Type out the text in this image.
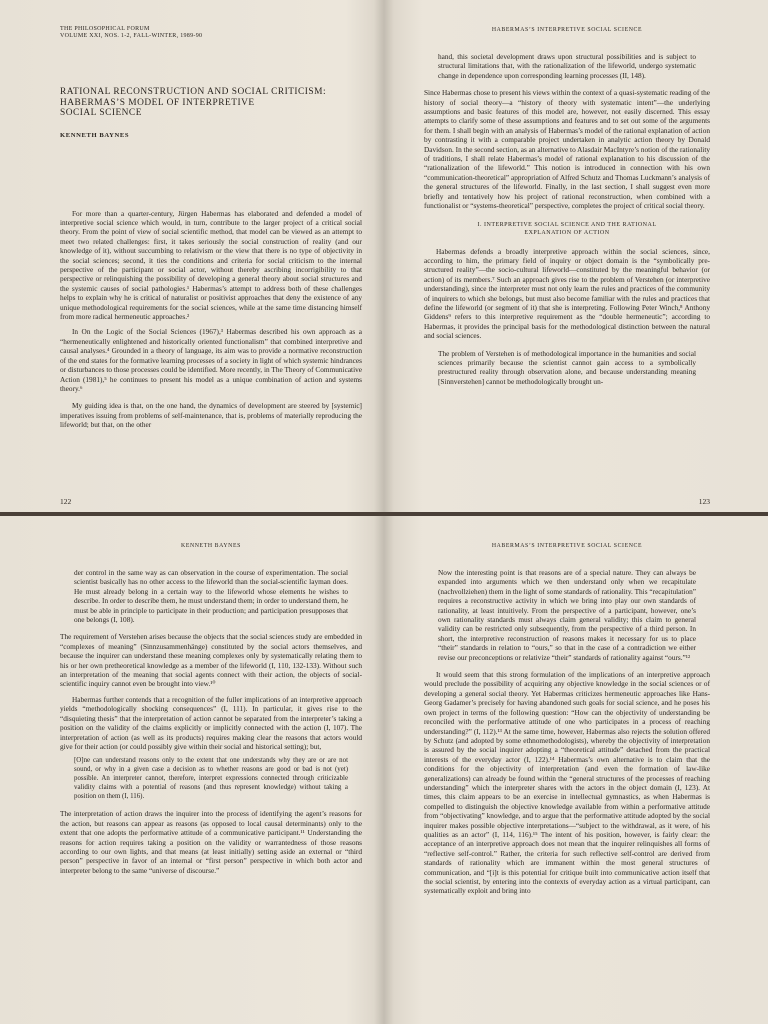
THE PHILOSOPHICAL FORUM
VOLUME XXI, NOS. 1-2, FALL-WINTER, 1989-90
RATIONAL RECONSTRUCTION AND SOCIAL CRITICISM:
HABERMAS’S MODEL OF INTERPRETIVE
SOCIAL SCIENCE
KENNETH BAYNES

For more than a quarter-century, Jürgen Habermas has elaborated and defended a model of interpretive social science which would, in turn, contribute to the larger project of a critical social theory. From the point of view of social scientific method, that model can be viewed as an attempt to meet two related challenges: first, it takes seriously the social construction of reality (and our knowledge of it), without succumbing to relativism or the view that there is no type of objectivity in the social sciences; second, it ties the conditions and criteria for social criticism to the internal perspective of the participant or social actor, without thereby ascribing incorrigibility to that perspective or relinquishing the possibility of developing a general theory about social structures and the systemic causes of social pathologies.¹ Habermas’s attempt to address both of these challenges helps to explain why he is critical of naturalist or positivist approaches that deny the existence of any unique methodological requirements for the social sciences, while at the same time distancing himself from more radical hermeneutic approaches.²

In On the Logic of the Social Sciences (1967),³ Habermas described his own approach as a “hermeneutically enlightened and historically oriented functionalism” that combined interpretive and causal analyses.⁴ Grounded in a theory of language, its aim was to provide a normative reconstruction of the end states for the formative learning processes of a society in light of which systemic hindrances or disturbances to those processes could be identified. More recently, in The Theory of Communicative Action (1981),⁵ he continues to present his model as a unique combination of action and systems theory.⁶

My guiding idea is that, on the one hand, the dynamics of development are steered by [systemic] imperatives issuing from problems of self-maintenance, that is, problems of materially reproducing the lifeworld; but that, on the other

122
HABERMAS’S INTERPRETIVE SOCIAL SCIENCE

hand, this societal development draws upon structural possibilities and is subject to structural limitations that, with the rationalization of the lifeworld, undergo systematic change in dependence upon corresponding learning processes (II, 148).

Since Habermas chose to present his views within the context of a quasi-systematic reading of the history of social theory—a “history of theory with systematic intent”—the underlying assumptions and basic features of this model are, however, not easily discerned. This essay attempts to clarify some of these assumptions and features and to set out some of the arguments for them. I shall begin with an analysis of Habermas’s model of the rational explanation of action by contrasting it with a comparable project undertaken in analytic action theory by Donald Davidson. In the second section, as an alternative to Alasdair MacIntyre’s notion of the rationality of traditions, I shall relate Habermas’s model of rational explanation to his discussion of the “rationalization of the lifeworld.” This notion is introduced in connection with his own “communication-theoretical” appropriation of Alfred Schutz and Thomas Luckmann’s analysis of the general structures of the lifeworld. Finally, in the last section, I shall suggest even more briefly and tentatively how his project of rational reconstruction, when combined with a functionalist or “systems-theoretical” perspective, completes the project of critical social theory.

I. INTERPRETIVE SOCIAL SCIENCE AND THE RATIONAL
EXPLANATION OF ACTION

Habermas defends a broadly interpretive approach within the social sciences, since, according to him, the primary field of inquiry or object domain is the “symbolically pre-structured reality”—the socio-cultural lifeworld—constituted by the meaningful behavior (or action) of its members.⁷ Such an approach gives rise to the problem of Verstehen (or interpretive understanding), since the interpreter must not only learn the rules and practices of the community of inquirers to which she belongs, but must also become familiar with the rules and practices that define the lifeworld (or segment of it) that she is interpreting. Following Peter Winch,⁸ Anthony Giddens⁹ refers to this interpretive requirement as the “double hermeneutic”; according to Habermas, it provides the principal basis for the methodological distinction between the natural and social sciences.

The problem of Verstehen is of methodological importance in the humanities and social sciences primarily because the scientist cannot gain access to a symbolically prestructured reality through observation alone, and because understanding meaning [Sinnverstehen] cannot be methodologically brought un-

123
KENNETH BAYNES

der control in the same way as can observation in the course of experimentation. The social scientist basically has no other access to the lifeworld than the social-scientific layman does. He must already belong in a certain way to the lifeworld whose elements he wishes to describe. In order to describe them, he must understand them; in order to understand them, he must be able in principle to participate in their production; and participation presupposes that one belongs (I, 108).

The requirement of Verstehen arises because the objects that the social sciences study are embedded in “complexes of meaning” (Sinnzusammenhänge) constituted by the social actors themselves, and because the inquirer can understand these meaning complexes only by systematically relating them to his or her own pretheoretical knowledge as a member of the lifeworld (I, 110, 132-133). Without such an interpretation of the meaning that social agents connect with their action, the objects of social-scientific inquiry cannot even be brought into view.¹⁰

Habermas further contends that a recognition of the fuller implications of an interpretive approach yields “methodologically shocking consequences” (I, 111). In particular, it gives rise to the “disquieting thesis” that the interpretation of action cannot be separated from the interpreter’s taking a position on the validity of the claims explicitly or implicitly connected with the action (I, 107). The interpretation of action (as well as its products) requires making clear the reasons that actors would give for their action (or could possibly give within their social and historical setting); but,

[O]ne can understand reasons only to the extent that one understands why they are or are not sound, or why in a given case a decision as to whether reasons are good or bad is not (yet) possible. An interpreter cannot, therefore, interpret expressions connected through criticizable validity claims with a potential of reasons (and thus represent knowledge) without taking a position on them (I, 116).

The interpretation of action draws the inquirer into the process of identifying the agent’s reasons for the action, but reasons can appear as reasons (as opposed to local causal determinants) only to the extent that one adopts the performative attitude of a communicative participant.¹¹ Understanding the reasons for action requires taking a position on the validity or warrantedness of those reasons according to our own lights, and that means (at least initially) setting aside an external or “third person” perspective in favor of an internal or “first person” perspective in which both actor and interpreter belong to the same “universe of discourse.”

HABERMAS’S INTERPRETIVE SOCIAL SCIENCE

Now the interesting point is that reasons are of a special nature. They can always be expanded into arguments which we then understand only when we recapitulate (nachvollziehen) them in the light of some standards of rationality. This “recapitulation” requires a reconstructive activity in which we bring into play our own standards of rationality, at least intuitively. From the perspective of a participant, however, one’s own rationality standards must always claim general validity; this claim to general validity can be restricted only subsequently, from the perspective of a third person. In short, the interpretive reconstruction of reasons makes it necessary for us to place “their” standards in relation to “ours,” so that in the case of a contradiction we either revise our preconceptions or relativize “their” standards of rationality against “ours.”¹²

It would seem that this strong formulation of the implications of an interpretive approach would preclude the possibility of acquiring any objective knowledge in the social sciences or of developing a general social theory. Yet Habermas criticizes hermeneutic approaches like Hans-Georg Gadamer’s precisely for having abandoned such goals for social science, and he poses his own project in terms of the following question: “How can the objectivity of understanding be reconciled with the performative attitude of one who participates in a process of reaching understanding?” (I, 112).¹³ At the same time, however, Habermas also rejects the solution offered by Schutz (and adopted by some ethnomethodologists), whereby the objectivity of interpretation is assured by the social inquirer adopting a “theoretical attitude” detached from the practical interests of the everyday actor (I, 122).¹⁴ Habermas’s own alternative is to claim that the conditions for the objectivity of interpretation (and even the formation of law-like generalizations) can already be found within the “general structures of the processes of reaching understanding” which the interpreter shares with the actors in the object domain (I, 123). At times, this claim appears to be an exercise in intellectual gymnastics, as when Habermas is compelled to distinguish the objective knowledge available from within a performative attitude from “objectivating” knowledge, and to argue that the performative attitude adopted by the social inquirer makes possible objective interpretations—“subject to the withdrawal, as it were, of his qualities as an actor” (I, 114, 116).¹⁵ The intent of his position, however, is fairly clear: the acceptance of an interpretive approach does not mean that the inquirer relinquishes all forms of “reflective self-control.” Rather, the criteria for such reflective self-control are derived from standards of rationality which are immanent within the most general structures of communication, and “[i]t is this potential for critique built into communicative action itself that the social scientist, by entering into the contexts of everyday action as a virtual participant, can systematically exploit and bring into
